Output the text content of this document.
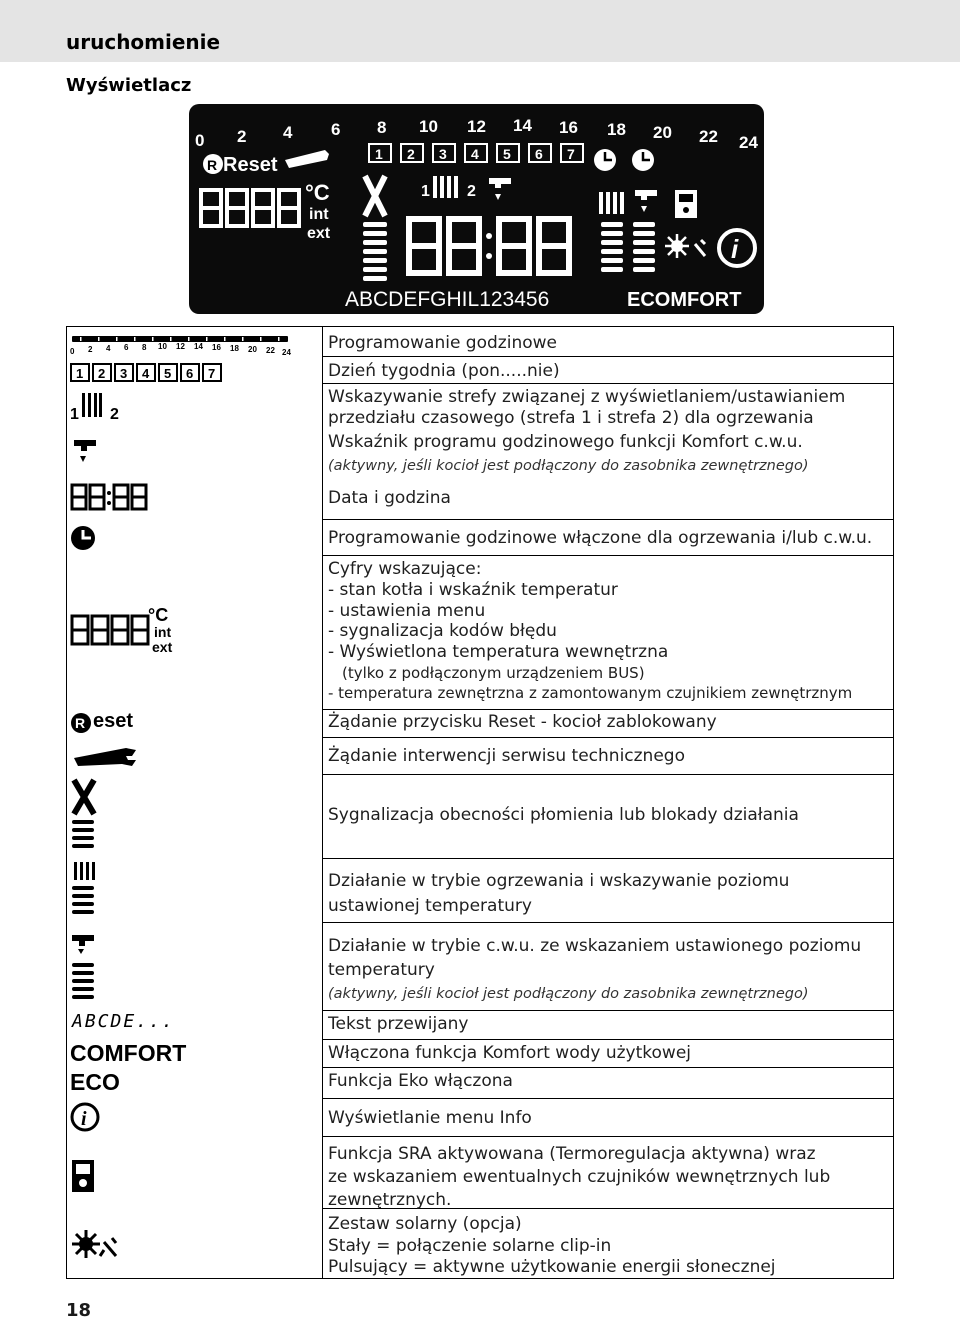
uruchomienie
Wyświetlacz
0 2 4 6 8 10 12 14 16 18 20 22 24
1 2 3 4 5 6 7
R Reset
°C
int
ext
1 2
i
ABCDEFGHIL123456	ECOMFORT
0 2 4 6 8 10 12 14 16 18 20 22 24
1 2 3 4 5 6 7
1 2
°C
int
ext
R eset
ABCDE...
COMFORT
ECO
i
Programowanie godzinowe
Dzień tygodnia (pon.....nie)
Wskazywanie strefy związanej z wyświetlaniem/ustawianiem
przedziału czasowego (strefa 1 i strefa 2) dla ogrzewania
Wskaźnik programu godzinowego funkcji Komfort c.w.u.
(aktywny, jeśli kocioł jest podłączony do zasobnika zewnętrznego)
Data i godzina
Programowanie godzinowe włączone dla ogrzewania i/lub c.w.u.
Cyfry wskazujące:
- stan kotła i wskaźnik temperatur
- ustawienia menu
- sygnalizacja kodów błędu
- Wyświetlona temperatura wewnętrzna
(tylko z podłączonym urządzeniem BUS)
- temperatura zewnętrzna z zamontowanym czujnikiem zewnętrznym
Żądanie przycisku Reset - kocioł zablokowany
Żądanie interwencji serwisu technicznego
Sygnalizacja obecności płomienia lub blokady działania
Działanie w trybie ogrzewania i wskazywanie poziomu
ustawionej temperatury
Działanie w trybie c.w.u. ze wskazaniem ustawionego poziomu
temperatury
(aktywny, jeśli kocioł jest podłączony do zasobnika zewnętrznego)
Tekst przewijany
Włączona funkcja Komfort wody użytkowej
Funkcja Eko włączona
Wyświetlanie menu Info
Funkcja SRA aktywowana (Termoregulacja aktywna) wraz
ze wskazaniem ewentualnych czujników wewnętrznych lub
zewnętrznych.
Zestaw solarny (opcja)
Stały = połączenie solarne clip-in
Pulsujący = aktywne użytkowanie energii słonecznej
18
